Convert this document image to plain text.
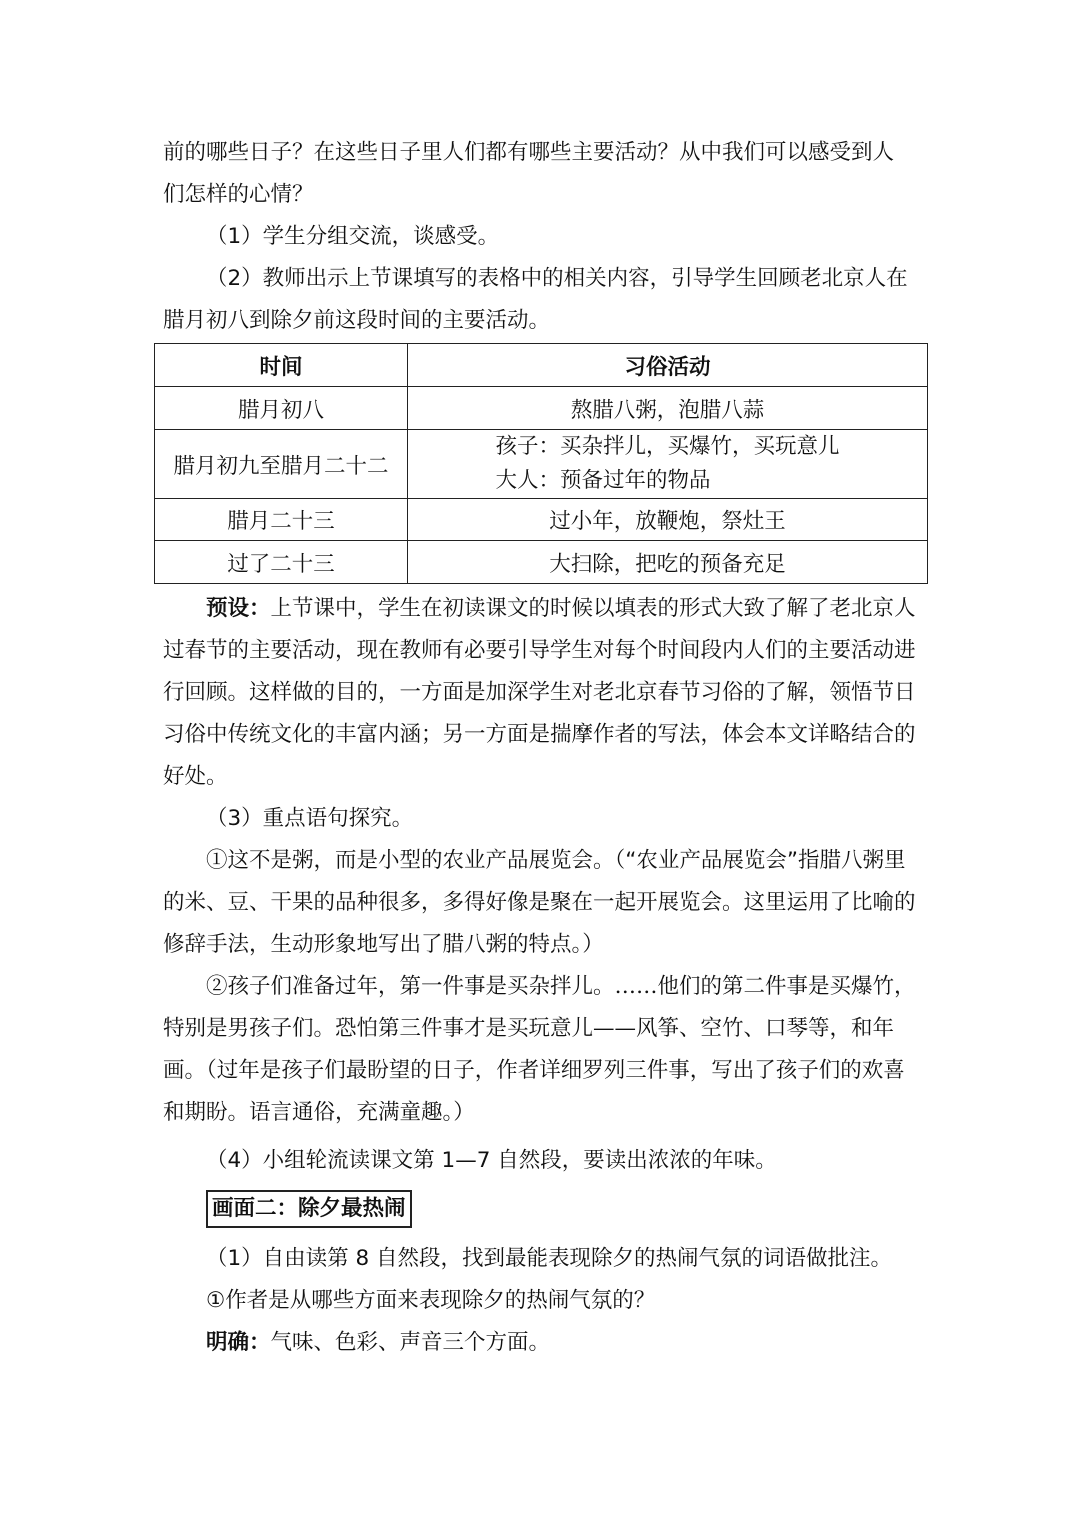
前的哪些日子？在这些日子里人们都有哪些主要活动？从中我们可以感受到人

们怎样的心情？

（1）学生分组交流，谈感受。

（2）教师出示上节课填写的表格中的相关内容，引导学生回顾老北京人在

腊月初八到除夕前这段时间的主要活动。

时间	习俗活动
腊月初八	熬腊八粥，泡腊八蒜
腊月初九至腊月二十二	孩子：买杂拌儿，买爆竹，买玩意儿
大人：预备过年的物品

腊月二十三	过小年，放鞭炮，祭灶王
过了二十三	大扫除，把吃的预备充足

预设：上节课中，学生在初读课文的时候以填表的形式大致了解了老北京人过春节的主要活动，现在教师有必要引导学生对每个时间段内人们的主要活动进行回顾。这样做的目的，一方面是加深学生对老北京春节习俗的了解，领悟节日习俗中传统文化的丰富内涵；另一方面是揣摩作者的写法，体会本文详略结合的好处。

（3）重点语句探究。

①这不是粥，而是小型的农业产品展览会。（“农业产品展览会”指腊八粥里的米、豆、干果的品种很多，多得好像是聚在一起开展览会。这里运用了比喻的修辞手法，生动形象地写出了腊八粥的特点。）

②孩子们准备过年，第一件事是买杂拌儿。……他们的第二件事是买爆竹，特别是男孩子们。恐怕第三件事才是买玩意儿——风筝、空竹、口琴等，和年画。（过年是孩子们最盼望的日子，作者详细罗列三件事，写出了孩子们的欢喜和期盼。语言通俗，充满童趣。）

（4）小组轮流读课文第 1—7 自然段，要读出浓浓的年味。

画面二：除夕最热闹

（1）自由读第 8 自然段，找到最能表现除夕的热闹气氛的词语做批注。

①作者是从哪些方面来表现除夕的热闹气氛的？

明确：气味、色彩、声音三个方面。
